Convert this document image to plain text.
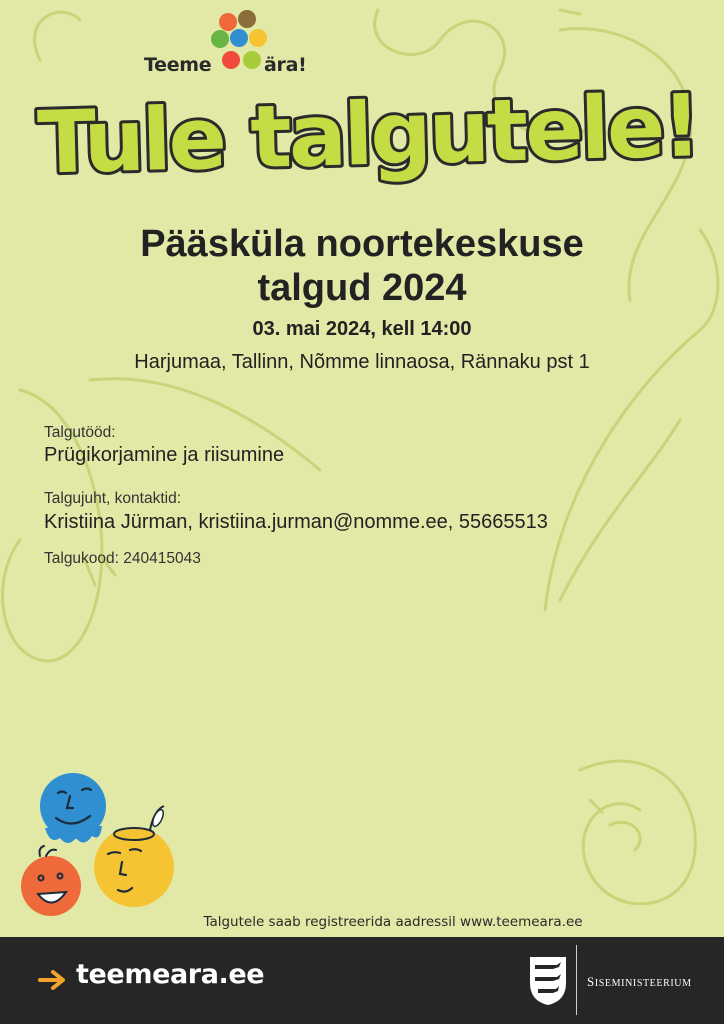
Teeme	ära!
Tule talgutele!
Pääsküla noortekeskuse
talgud 2024
03. mai 2024, kell 14:00
Harjumaa, Tallinn, Nõmme linnaosa, Rännaku pst 1
Talgutööd:
Prügikorjamine ja riisumine
Talgujuht, kontaktid:
Kristiina Jürman, kristiina.jurman@nomme.ee, 55665513
Talgukood: 240415043
Talgutele saab registreerida aadressil www.teemeara.ee
teemeara.ee	SISEMINISTEERIUM
